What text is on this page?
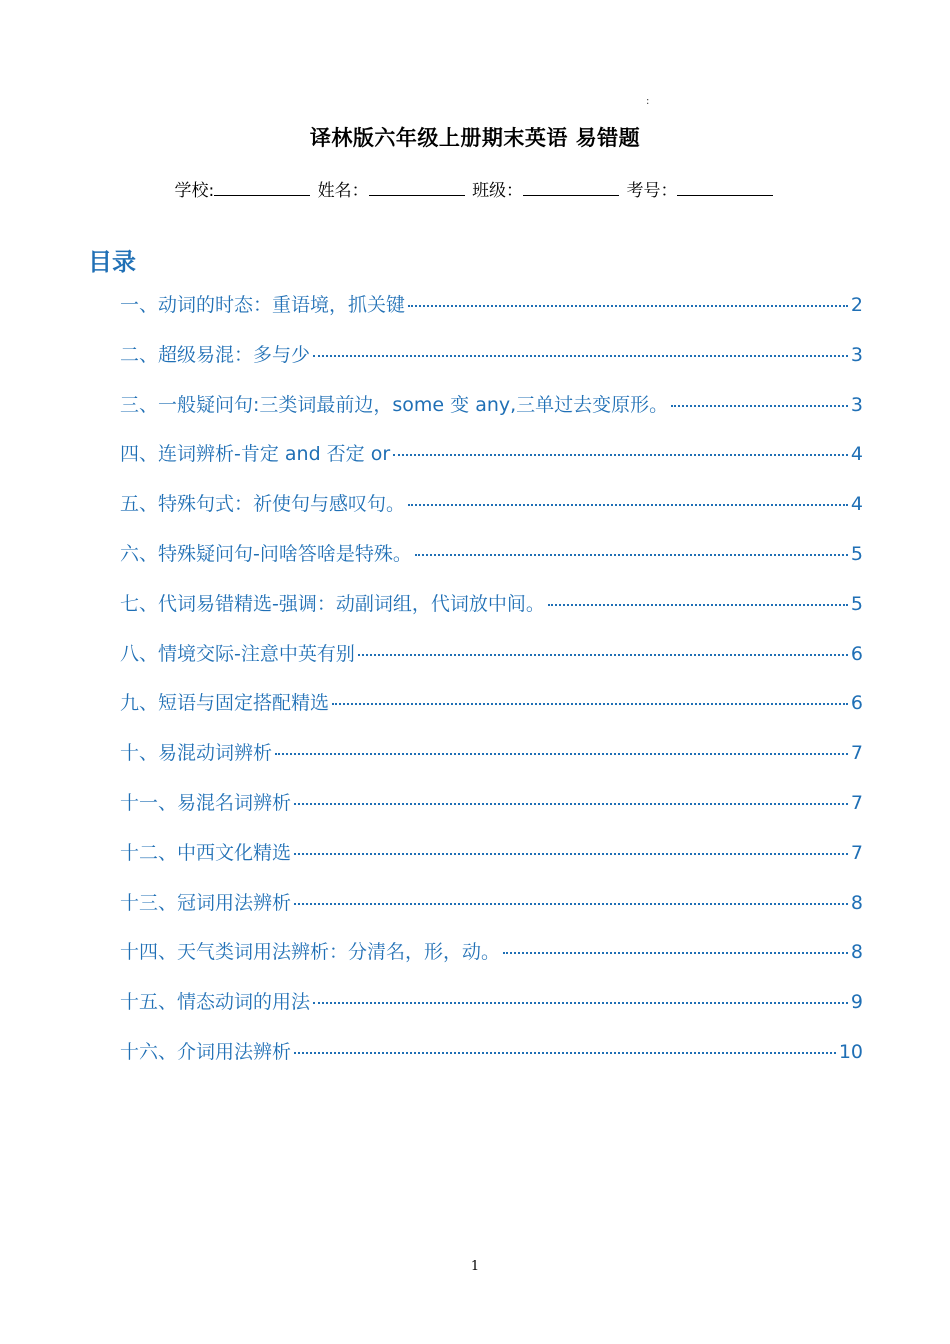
:
译林版六年级上册期末英语 易错题
学校:	姓名：	班级：	考号：
目录
一、动词的时态：重语境，抓关键	2
二、超级易混：多与少	3
三、一般疑问句:三类词最前边，some 变 any,三单过去变原形。	3
四、连词辨析-肯定 and 否定 or	4
五、特殊句式：祈使句与感叹句。	4
六、特殊疑问句-问啥答啥是特殊。	5
七、代词易错精选-强调：动副词组，代词放中间。	5
八、情境交际-注意中英有别	6
九、短语与固定搭配精选	6
十、易混动词辨析	7
十一、易混名词辨析	7
十二、中西文化精选	7
十三、冠词用法辨析	8
十四、天气类词用法辨析：分清名，形，动。	8
十五、情态动词的用法	9
十六、介词用法辨析	10
1
